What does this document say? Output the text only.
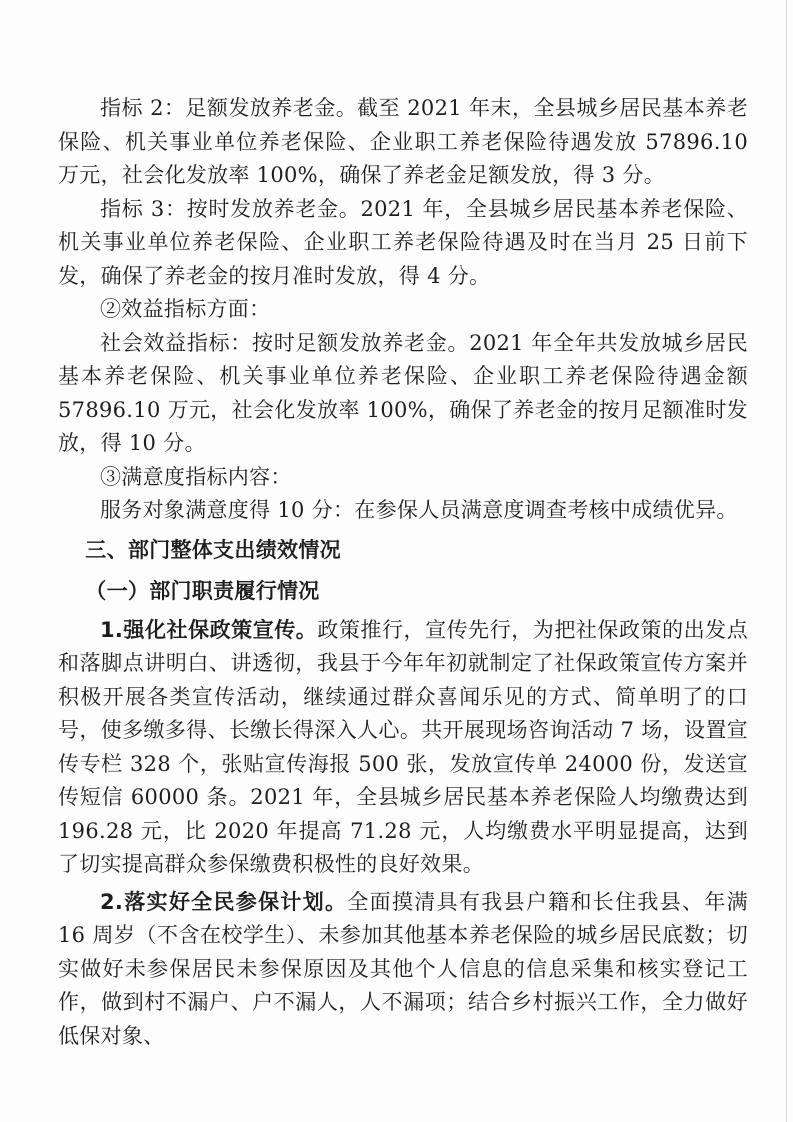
指标 2：足额发放养老金。截至 2021 年末，全县城乡居民基本养老保险、机关事业单位养老保险、企业职工养老保险待遇发放 57896.10 万元，社会化发放率 100%，确保了养老金足额发放，得 3 分。

指标 3：按时发放养老金。2021 年，全县城乡居民基本养老保险、机关事业单位养老保险、企业职工养老保险待遇及时在当月 25 日前下发，确保了养老金的按月准时发放，得 4 分。

②效益指标方面：

社会效益指标：按时足额发放养老金。2021 年全年共发放城乡居民基本养老保险、机关事业单位养老保险、企业职工养老保险待遇金额 57896.10 万元，社会化发放率 100%，确保了养老金的按月足额准时发放，得 10 分。

③满意度指标内容：

服务对象满意度得 10 分：在参保人员满意度调查考核中成绩优异。

三、部门整体支出绩效情况
（一）部门职责履行情况

1.强化社保政策宣传。政策推行，宣传先行，为把社保政策的出发点和落脚点讲明白、讲透彻，我县于今年年初就制定了社保政策宣传方案并积极开展各类宣传活动，继续通过群众喜闻乐见的方式、简单明了的口号，使多缴多得、长缴长得深入人心。共开展现场咨询活动 7 场，设置宣传专栏 328 个，张贴宣传海报 500 张，发放宣传单 24000 份，发送宣传短信 60000 条。2021 年，全县城乡居民基本养老保险人均缴费达到 196.28 元，比 2020 年提高 71.28 元，人均缴费水平明显提高，达到了切实提高群众参保缴费积极性的良好效果。

2.落实好全民参保计划。全面摸清具有我县户籍和长住我县、年满 16 周岁（不含在校学生）、未参加其他基本养老保险的城乡居民底数；切实做好未参保居民未参保原因及其他个人信息的信息采集和核实登记工作，做到村不漏户、户不漏人，人不漏项；结合乡村振兴工作，全力做好低保对象、
